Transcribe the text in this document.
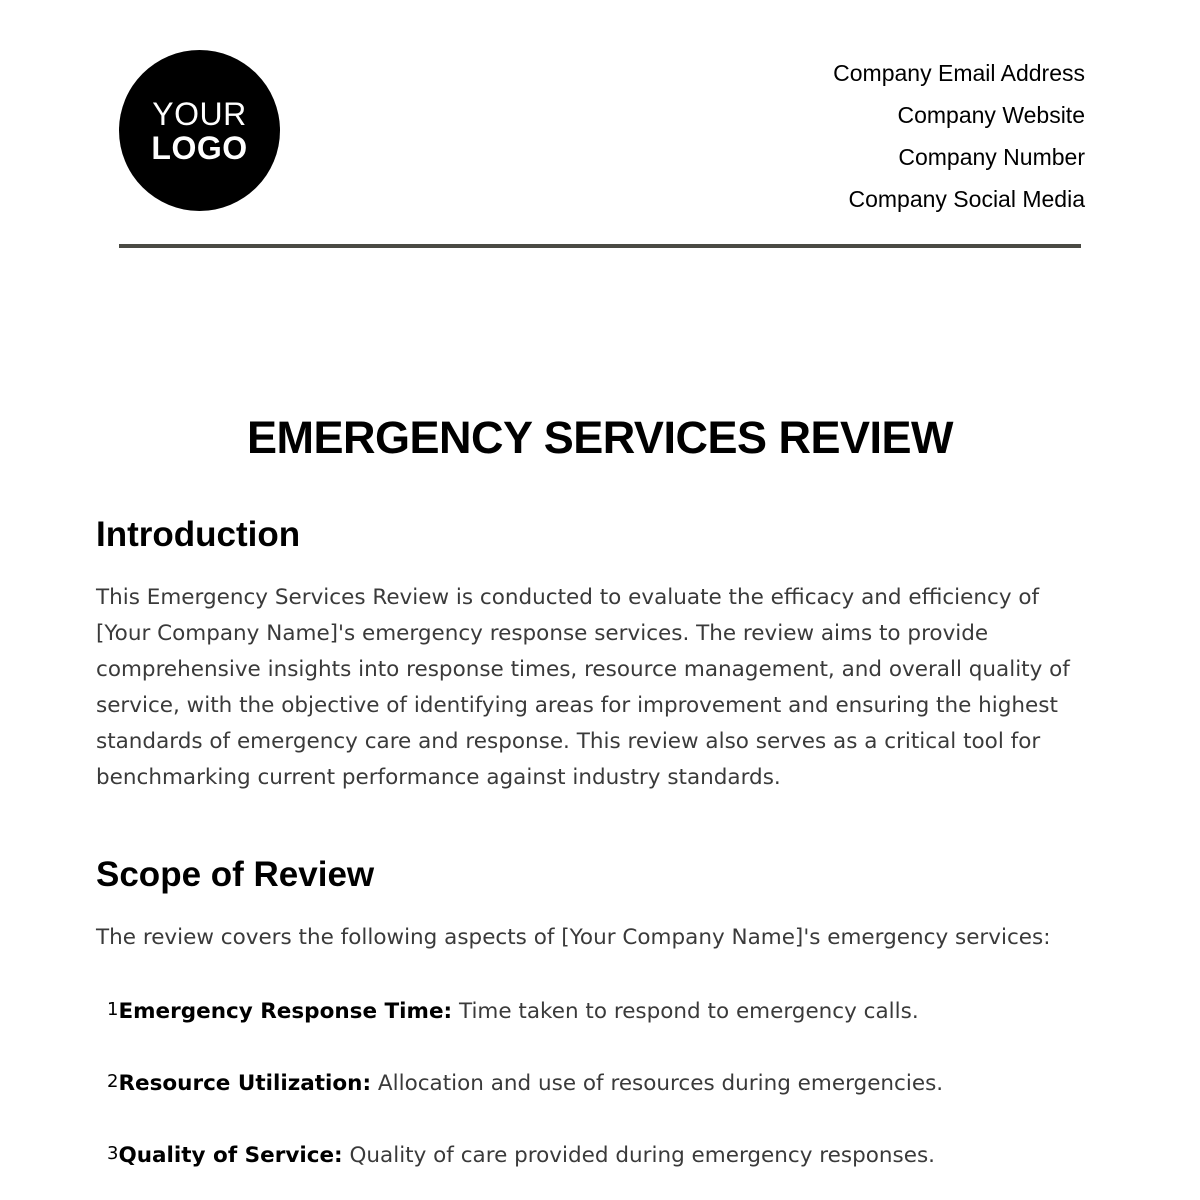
YOUR
LOGO
Company Email Address
Company Website
Company Number
Company Social Media
EMERGENCY SERVICES REVIEW
Introduction

This Emergency Services Review is conducted to evaluate the efficacy and efficiency of [Your Company Name]'s emergency response services. The review aims to provide comprehensive insights into response times, resource management, and overall quality of service, with the objective of identifying areas for improvement and ensuring the highest standards of emergency care and response. This review also serves as a critical tool for benchmarking current performance against industry standards.

Scope of Review

The review covers the following aspects of [Your Company Name]'s emergency services:

1Emergency Response Time: Time taken to respond to emergency calls.
2Resource Utilization: Allocation and use of resources during emergencies.
3Quality of Service: Quality of care provided during emergency responses.
